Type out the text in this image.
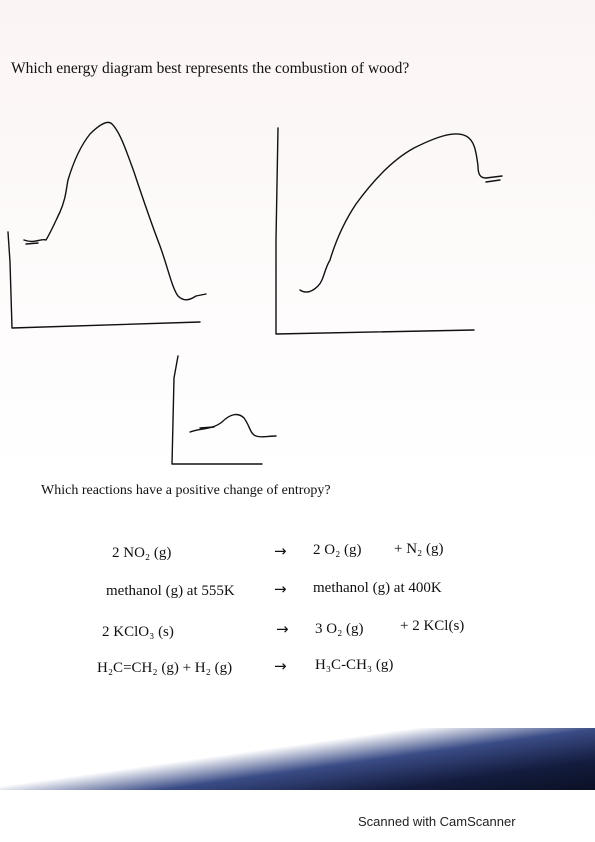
Which energy diagram best represents the combustion of wood?
Which reactions have a positive change of entropy?
2 NO₂ (g)	→ 2 O₂ (g) + N₂ (g)
methanol (g) at 555K	→ methanol (g) at 400K
2 KClO₃ (s)	→ 3 O₂ (g) + 2 KCl(s)
H₂C=CH₂ (g) + H₂ (g)	→ H₃C-CH₃ (g)
Scanned with CamScanner
